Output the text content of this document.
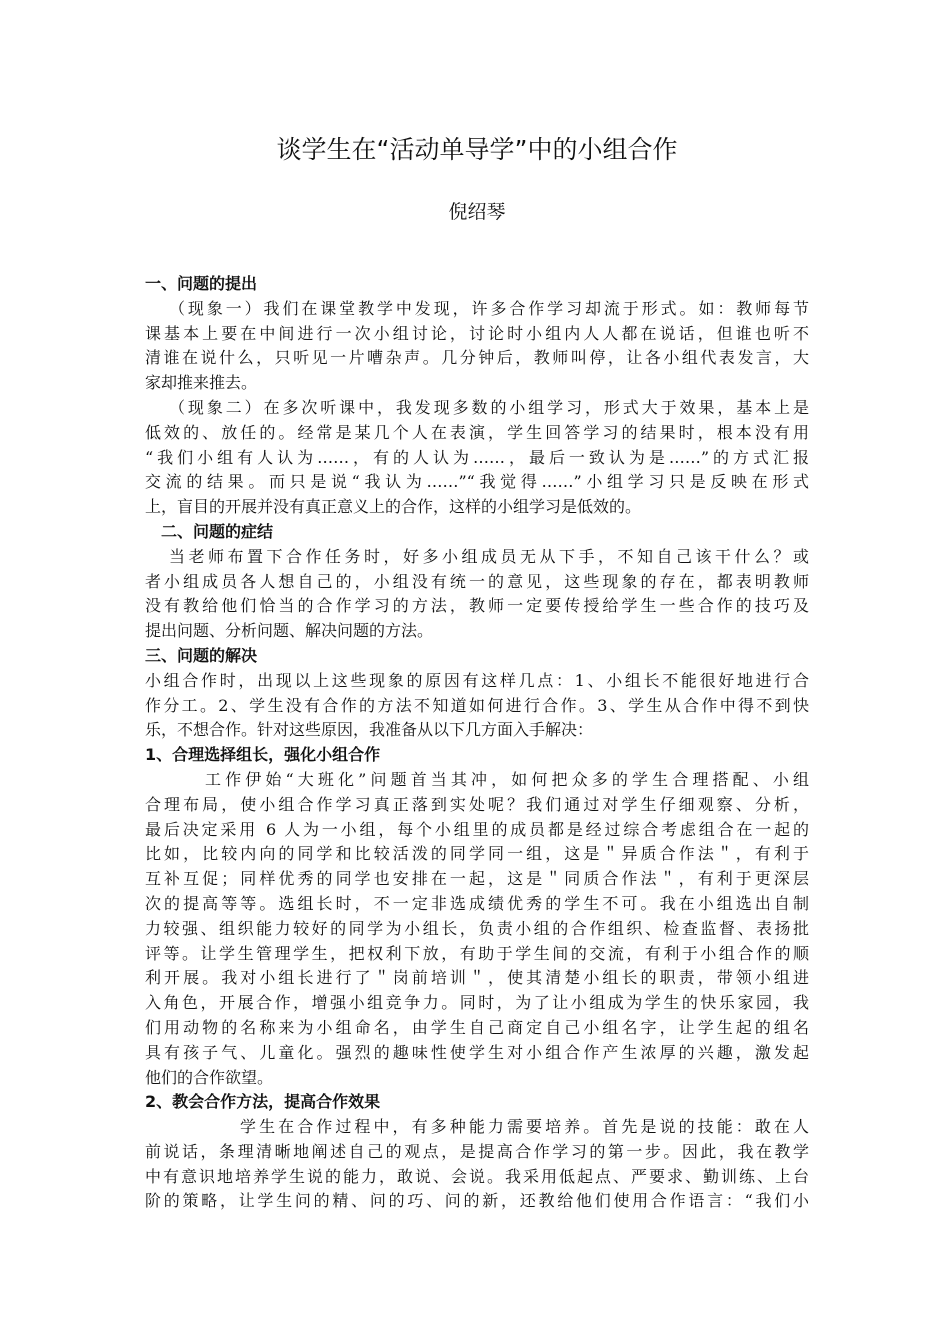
谈学生在“活动单导学”中的小组合作
倪绍琴
一、问题的提出
（现象一）我们在课堂教学中发现，许多合作学习却流于形式。如：教师每节
课基本上要在中间进行一次小组讨论，讨论时小组内人人都在说话，但谁也听不
清谁在说什么，只听见一片嘈杂声。几分钟后，教师叫停，让各小组代表发言，大
家却推来推去。
（现象二）在多次听课中，我发现多数的小组学习，形式大于效果，基本上是
低效的、放任的。经常是某几个人在表演，学生回答学习的结果时，根本没有用
“我们小组有人认为……，有的人认为……，最后一致认为是……”的方式汇报
交流的结果。而只是说“我认为……”“我觉得……”小组学习只是反映在形式
上，盲目的开展并没有真正意义上的合作，这样的小组学习是低效的。
二、问题的症结
当老师布置下合作任务时，好多小组成员无从下手，不知自己该干什么？或
者小组成员各人想自己的，小组没有统一的意见，这些现象的存在，都表明教师
没有教给他们恰当的合作学习的方法，教师一定要传授给学生一些合作的技巧及
提出问题、分析问题、解决问题的方法。
三、问题的解决
小组合作时，出现以上这些现象的原因有这样几点：1、小组长不能很好地进行合
作分工。2、学生没有合作的方法不知道如何进行合作。3、学生从合作中得不到快
乐，不想合作。针对这些原因，我准备从以下几方面入手解决：
1、合理选择组长，强化小组合作
工作伊始“大班化”问题首当其冲，如何把众多的学生合理搭配、小组
合理布局，使小组合作学习真正落到实处呢？我们通过对学生仔细观察、分析，
最后决定采用 6 人为一小组，每个小组里的成员都是经过综合考虑组合在一起的
比如，比较内向的同学和比较活泼的同学同一组，这是＂异质合作法＂，有利于
互补互促；同样优秀的同学也安排在一起，这是＂同质合作法＂，有利于更深层
次的提高等等。选组长时，不一定非选成绩优秀的学生不可。我在小组选出自制
力较强、组织能力较好的同学为小组长，负责小组的合作组织、检查监督、表扬批
评等。让学生管理学生，把权利下放，有助于学生间的交流，有利于小组合作的顺
利开展。我对小组长进行了＂岗前培训＂，使其清楚小组长的职责，带领小组进
入角色，开展合作，增强小组竞争力。同时，为了让小组成为学生的快乐家园，我
们用动物的名称来为小组命名，由学生自己商定自己小组名字，让学生起的组名
具有孩子气、儿童化。强烈的趣味性使学生对小组合作产生浓厚的兴趣，激发起
他们的合作欲望。
2、教会合作方法，提高合作效果
学生在合作过程中，有多种能力需要培养。首先是说的技能：敢在人
前说话，条理清晰地阐述自己的观点，是提高合作学习的第一步。因此，我在教学
中有意识地培养学生说的能力，敢说、会说。我采用低起点、严要求、勤训练、上台
阶的策略，让学生问的精、问的巧、问的新，还教给他们使用合作语言：“我们小
